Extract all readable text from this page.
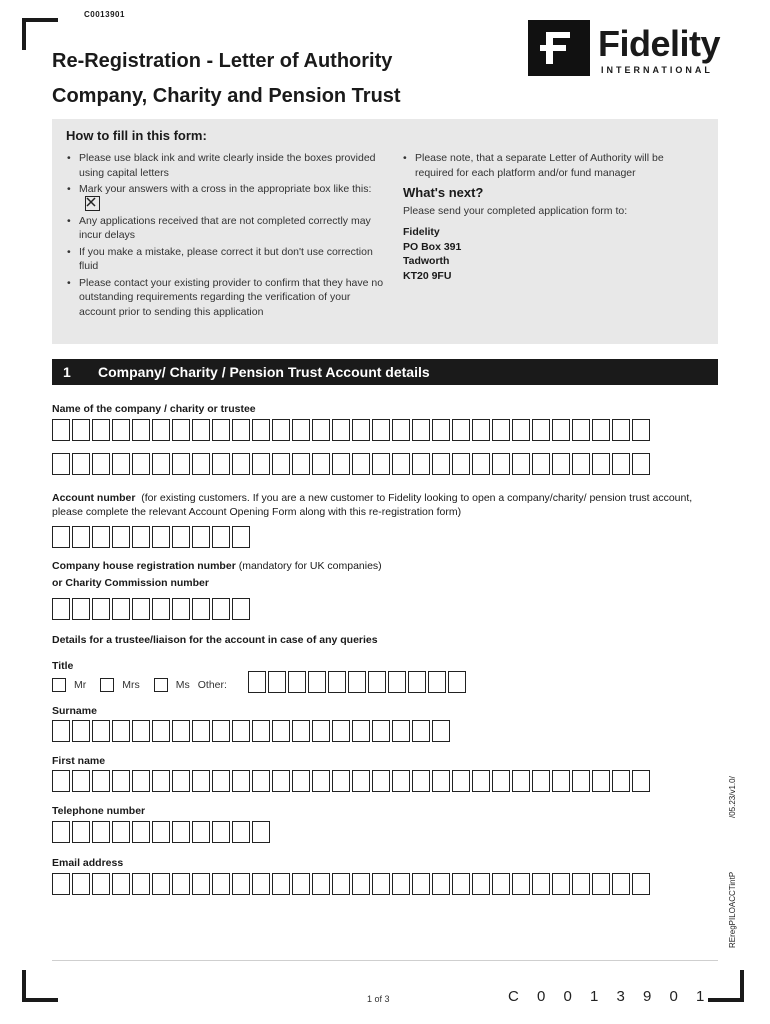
C0013901
Re-Registration - Letter of Authority
Company, Charity and Pension Trust
Fidelity
INTERNATIONAL
How to fill in this form:
• Please use black ink and write clearly inside the boxes provided using capital letters
• Mark your answers with a cross in the appropriate box like this:
• Any applications received that are not completed correctly may incur delays
• If you make a mistake, please correct it but don't use correction fluid
• Please contact your existing provider to confirm that they have no outstanding requirements regarding the verification of your account prior to sending this application
• Please note, that a separate Letter of Authority will be required for each platform and/or fund manager
What's next?
Please send your completed application form to:
Fidelity
PO Box 391
Tadworth
KT20 9FU
1 Company/ Charity / Pension Trust Account details
Name of the company / charity or trustee
Account number (for existing customers. If you are a new customer to Fidelity looking to open a company/charity/ pension trust account, please complete the relevant Account Opening Form along with this re-registration form)
Company house registration number (mandatory for UK companies)
or Charity Commission number
Details for a trustee/liaison for the account in case of any queries
Title
Mr	Mrs	Ms Other:
Surname
First name
Telephone number
Email address
/05.23/v1.0/
REregPILOACCTintP
1 of 3	C 0 0 1 3 9 0 1
